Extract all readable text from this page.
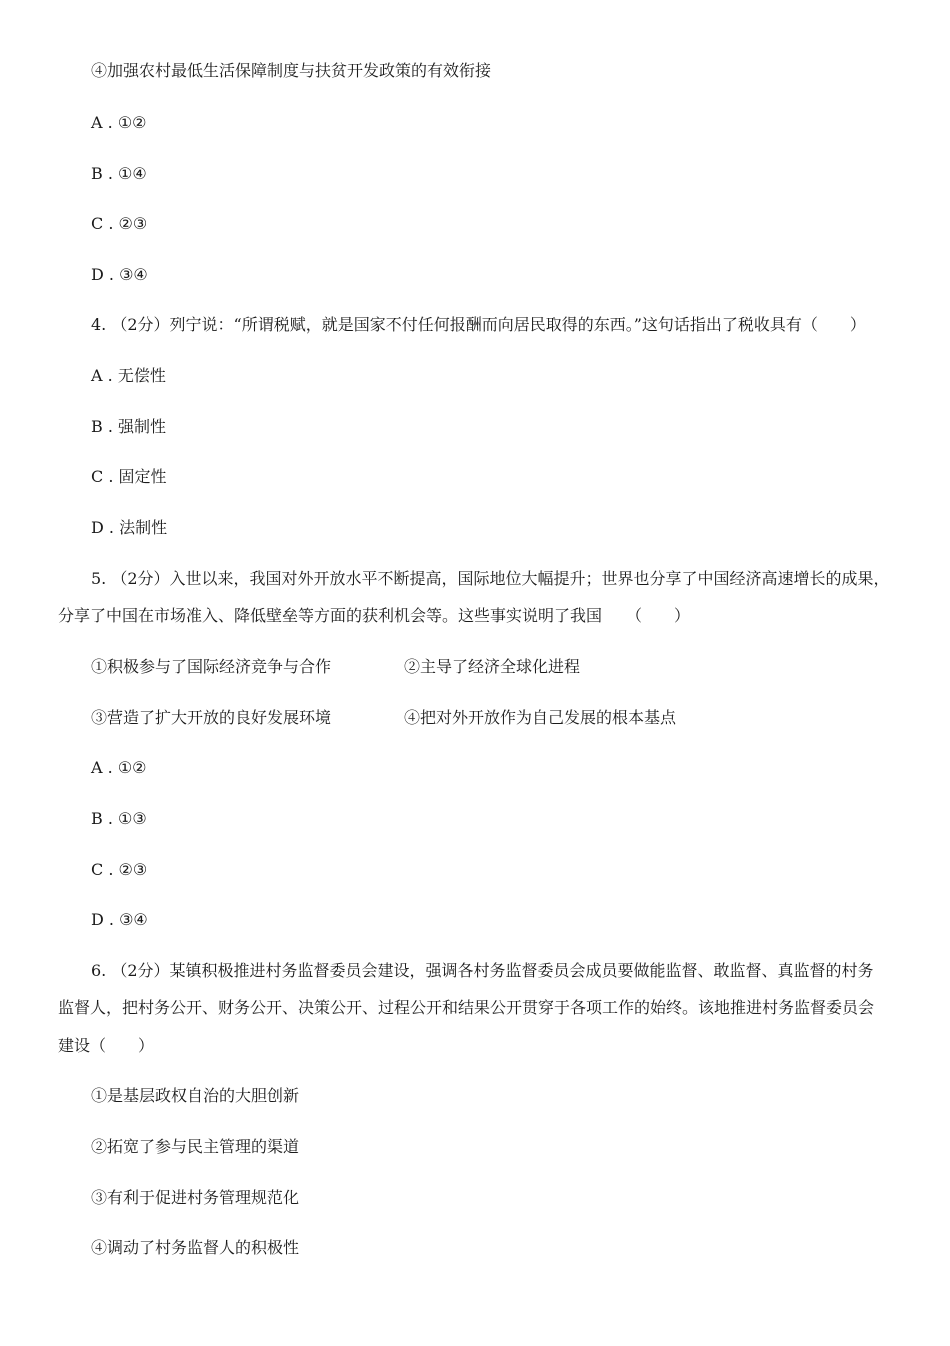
④加强农村最低生活保障制度与扶贫开发政策的有效衔接
A . ①②
B . ①④
C . ②③
D . ③④
4. （2分）列宁说：“所谓税赋，就是国家不付任何报酬而向居民取得的东西。”这句话指出了税收具有（　　）
A . 无偿性
B . 强制性
C . 固定性
D . 法制性
5. （2分）入世以来，我国对外开放水平不断提高，国际地位大幅提升；世界也分享了中国经济高速增长的成果，
分享了中国在市场准入、降低壁垒等方面的获利机会等。这些事实说明了我国　　（　　）
①积极参与了国际经济竞争与合作	②主导了经济全球化进程
③营造了扩大开放的良好发展环境	④把对外开放作为自己发展的根本基点
A . ①②
B . ①③
C . ②③
D . ③④
6. （2分）某镇积极推进村务监督委员会建设，强调各村务监督委员会成员要做能监督、敢监督、真监督的村务
监督人，把村务公开、财务公开、决策公开、过程公开和结果公开贯穿于各项工作的始终。该地推进村务监督委员会
建设（　　）
①是基层政权自治的大胆创新
②拓宽了参与民主管理的渠道
③有利于促进村务管理规范化
④调动了村务监督人的积极性
